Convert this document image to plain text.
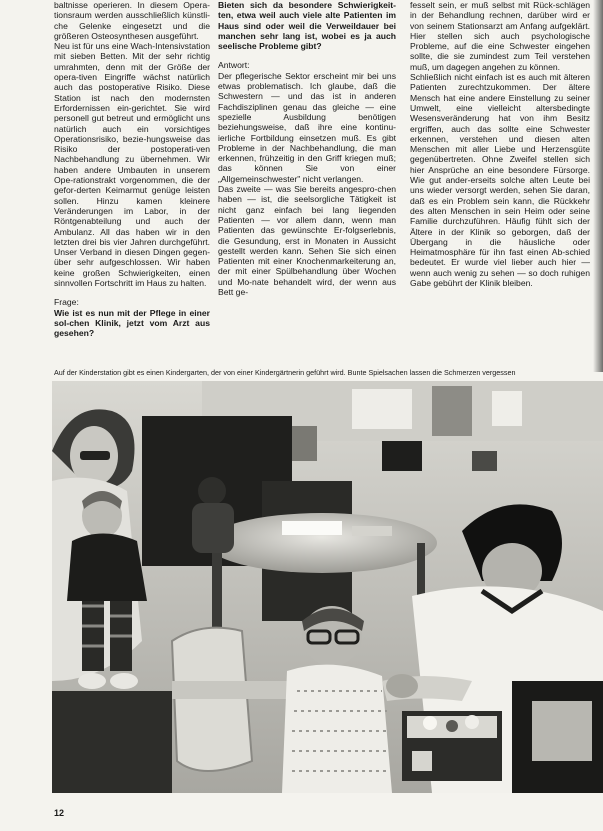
baltnisse operieren. In diesem Opera-tionsraum werden ausschließlich künstli-che Gelenke eingesetzt und die größeren Osteosynthesen ausgeführt.

Neu ist für uns eine Wach-Intensivstation mit sieben Betten. Mit der sehr richtig umrahmten, denn mit der Größe der opera-tiven Eingriffe wächst natürlich auch das postoperative Risiko. Diese Station ist nach den modernsten Erfordernissen ein-gerichtet. Sie wird personell gut betreut und ermöglicht uns natürlich auch ein vorsichtiges Operationsrisiko, bezie-hungsweise das Risiko der postoperati-ven Nachbehandlung zu übernehmen. Wir haben andere Umbauten in unserem Ope-rationstrakt vorgenommen, die der gefor-derten Keimarmut genüge leisten sollen. Hinzu kamen kleinere Veränderungen im Labor, in der Röntgenabteilung und auch der Ambulanz. All das haben wir in den letzten drei bis vier Jahren durchgeführt. Unser Verband in diesen Dingen gegen-über sehr aufgeschlossen. Wir haben keine großen Schwierigkeiten, einen sinnvollen Fortschritt im Haus zu halten.

Frage:

Wie ist es nun mit der Pflege in einer sol-chen Klinik, jetzt vom Arzt aus gesehen?

Bieten sich da besondere Schwierigkeit-ten, etwa weil auch viele alte Patienten im Haus sind oder weil die Verweildauer bei manchen sehr lang ist, wobei es ja auch seelische Probleme gibt?

Antwort:

Der pflegerische Sektor erscheint mir bei uns etwas problematisch. Ich glaube, daß die Schwestern — und das ist in anderen Fachdisziplinen genau das gleiche — eine spezielle Ausbildung benötigen beziehungsweise, daß ihre eine kontinu-ierliche Fortbildung einsetzen muß. Es gibt Probleme in der Nachbehandlung, die man erkennen, frühzeitig in den Griff kriegen muß; das können Sie von einer „Allgemeinschwester" nicht verlangen.

Das zweite — was Sie bereits angespro-chen haben — ist, die seelsorgliche Tätigkeit ist nicht ganz einfach bei lang liegenden Patienten — vor allem dann, wenn man Patienten das gewünschte Er-folgserlebnis, die Gesundung, erst in Monaten in Aussicht gestellt werden kann. Sehen Sie sich einen Patienten mit einer Knochenmarkeiterung an, der mit einer Spülbehandlung über Wochen und Mo-nate behandelt wird, der wenn aus Bett ge-

fesselt sein, er muß selbst mit Rück-schlägen in der Behandlung rechnen, darüber wird er von seinem Stationsarzt am Anfang aufgeklärt. Hier stellen sich auch psychologische Probleme, auf die eine Schwester eingehen sollte, die sie zumindest zum Teil verstehen muß, um dagegen angehen zu können.

Schließlich nicht einfach ist es auch mit älteren Patienten zurechtzukommen. Der ältere Mensch hat eine andere Einstellung zu seiner Umwelt, eine vielleicht altersbedingte Wesensveränderung hat von ihm Besitz ergriffen, auch das sollte eine Schwester erkennen, verstehen und diesen alten Menschen mit aller Liebe und Herzensgüte gegenübertreten. Ohne Zweifel stellen sich hier Ansprüche an eine besondere Fürsorge. Wie gut ander-erseits solche alten Leute bei uns wieder versorgt werden, sehen Sie daran, daß es ein Problem sein kann, die Rückkehr des alten Menschen in sein Heim oder seine Familie durchzuführen. Häufig fühlt sich der Ältere in der Klinik so geborgen, daß der Übergang in die häusliche oder Heimatmosphäre für ihn fast einen Ab-schied bedeutet. Er wurde viel lieber auch hier — wenn auch wenig zu sehen — so doch ruhigen Gabe gebührt der Klinik bleiben.

Auf der Kinderstation gibt es einen Kindergarten, der von einer Kindergärtnerin geführt wird. Bunte Spielsachen lassen die Schmerzen vergessen
12
